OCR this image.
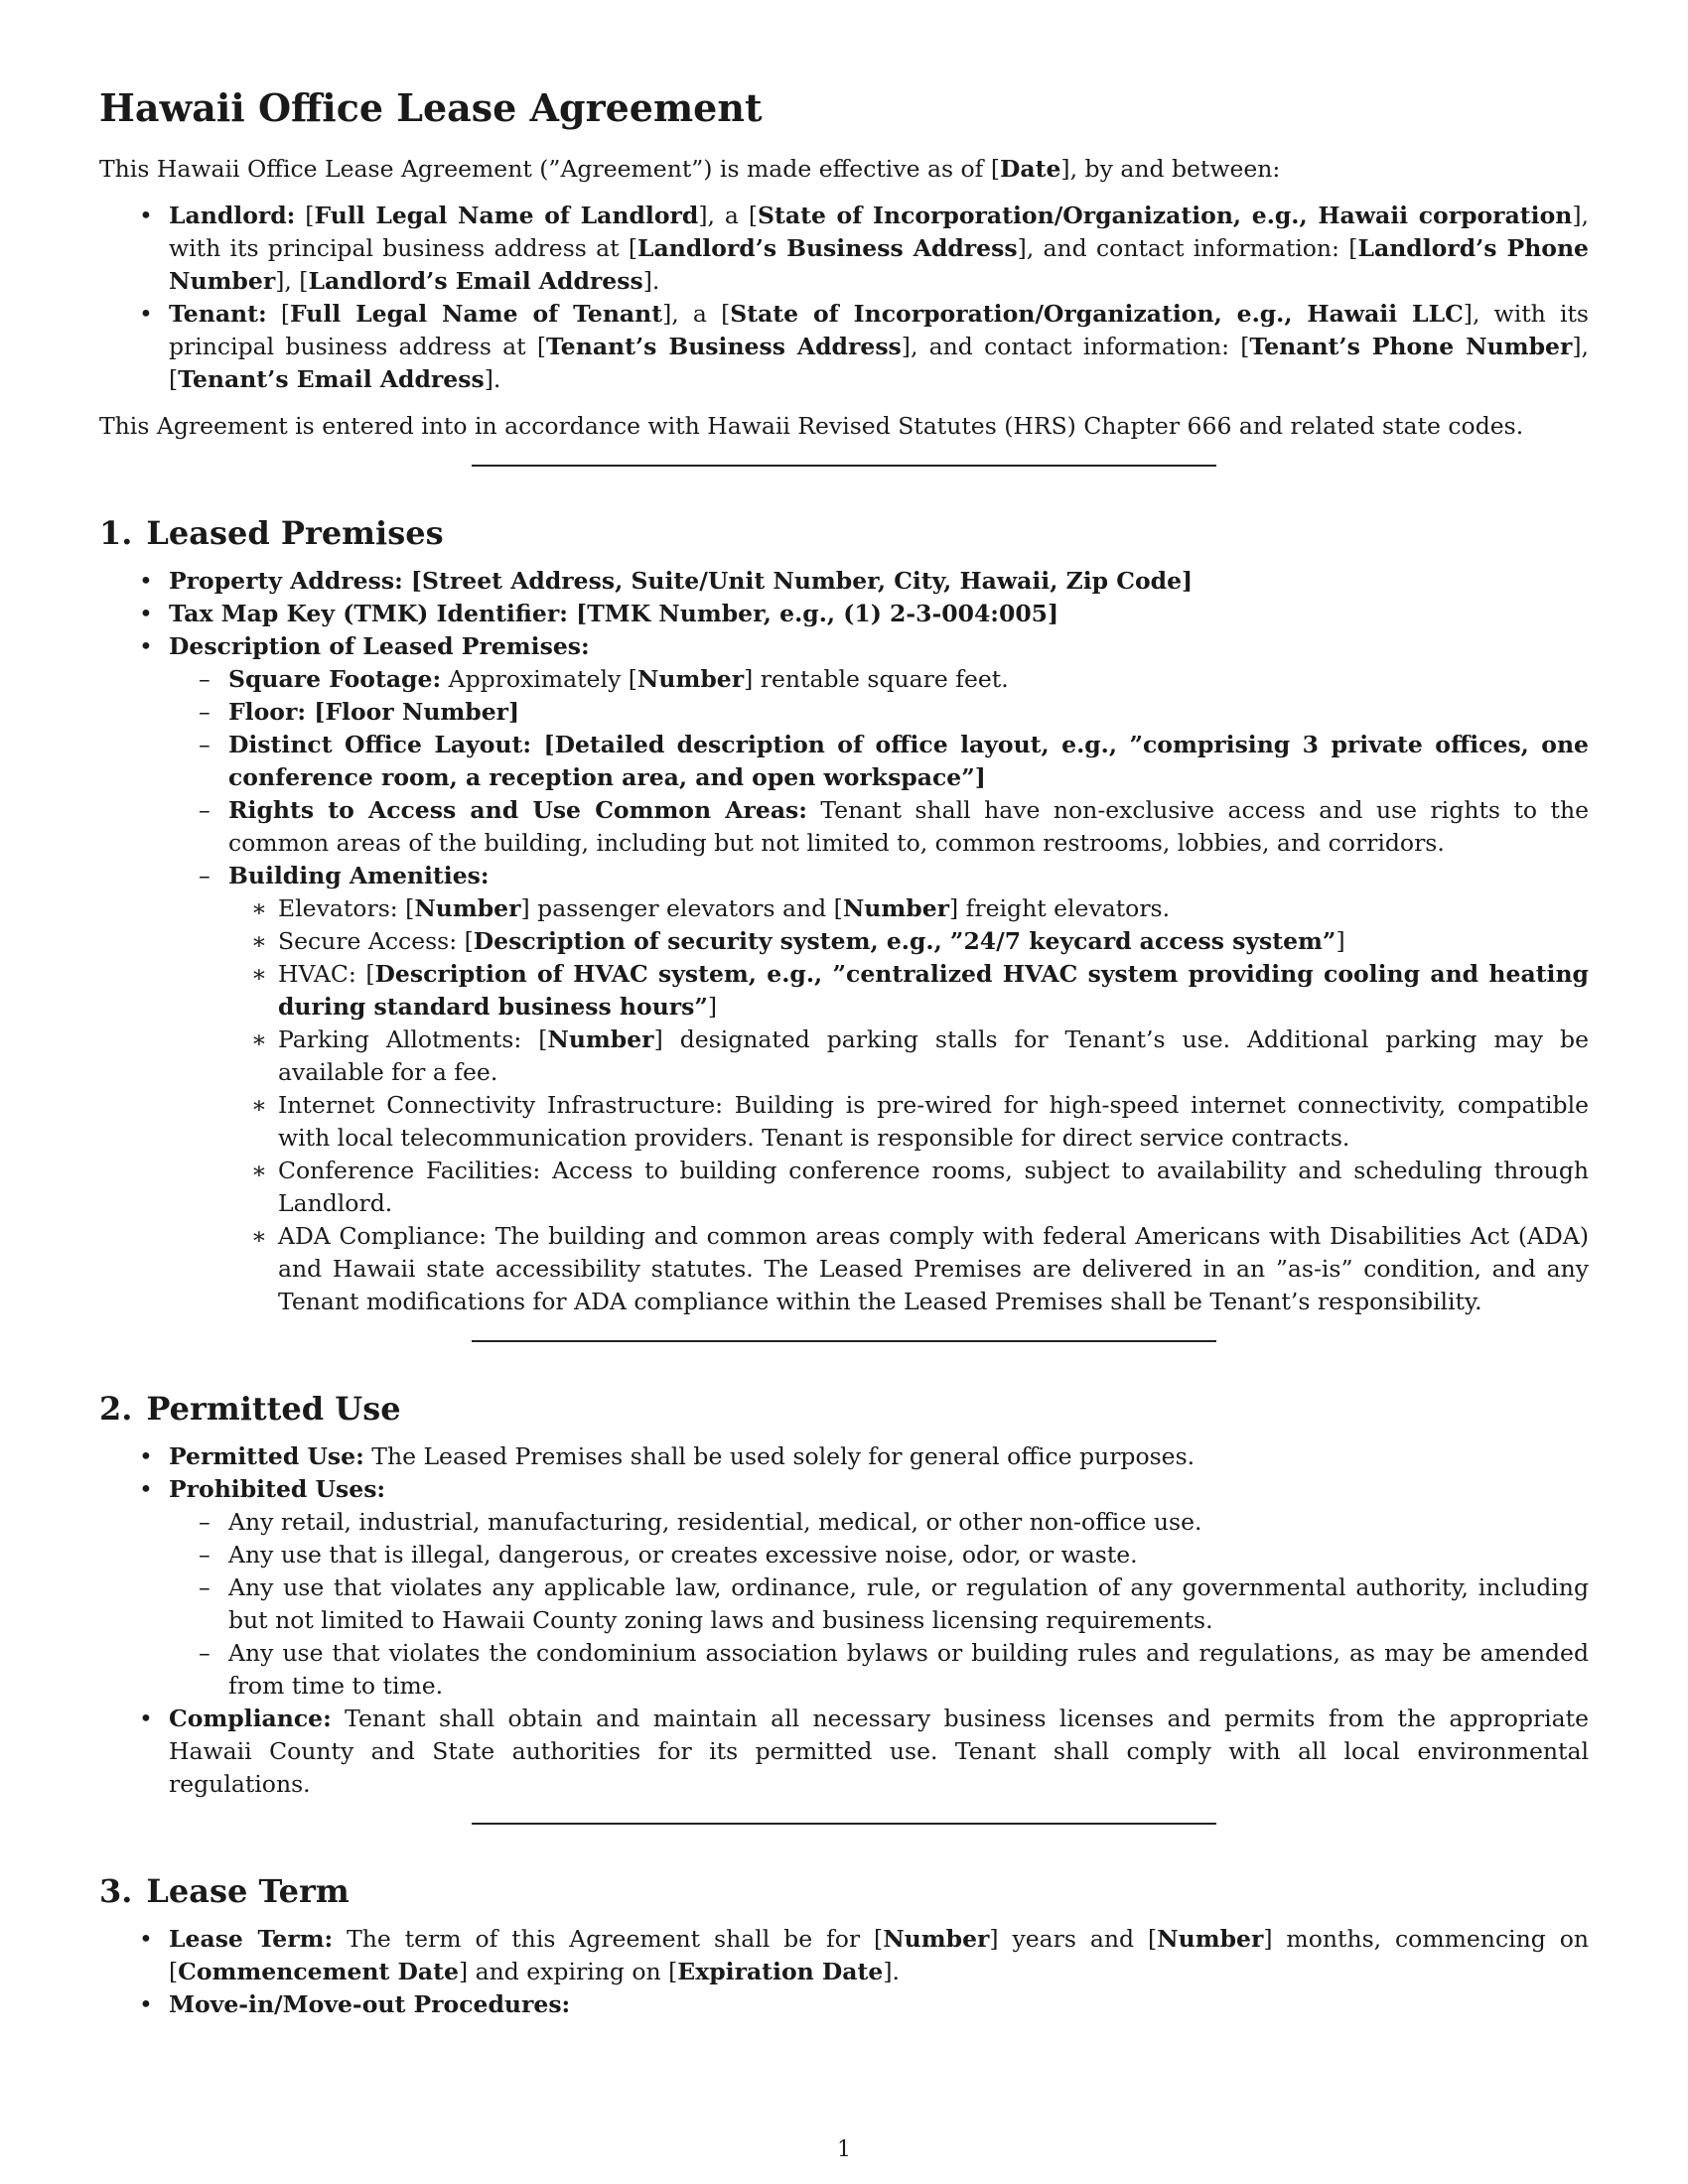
Hawaii Office Lease Agreement

This Hawaii Office Lease Agreement (”Agreement”) is made effective as of [Date], by and between:

• Landlord: [Full Legal Name of Landlord], a [State of Incorporation/Organization, e.g., Hawaii corporation], with its principal business address at [Landlord’s Business Address], and contact information: [Landlord’s Phone Number], [Landlord’s Email Address].
• Tenant: [Full Legal Name of Tenant], a [State of Incorporation/Organization, e.g., Hawaii LLC], with its principal business address at [Tenant’s Business Address], and contact information: [Tenant’s Phone Number], [Tenant’s Email Address].

This Agreement is entered into in accordance with Hawaii Revised Statutes (HRS) Chapter 666 and related state codes.

1. Leased Premises
• Property Address: [Street Address, Suite/Unit Number, City, Hawaii, Zip Code]
• Tax Map Key (TMK) Identifier: [TMK Number, e.g., (1) 2-3-004:005]
• Description of Leased Premises:
– Square Footage: Approximately [Number] rentable square feet.
– Floor: [Floor Number]
– Distinct Office Layout: [Detailed description of office layout, e.g., ”comprising 3 private offices, one conference room, a reception area, and open workspace”]
– Rights to Access and Use Common Areas: Tenant shall have non-exclusive access and use rights to the common areas of the building, including but not limited to, common restrooms, lobbies, and corridors.
– Building Amenities:
∗ Elevators: [Number] passenger elevators and [Number] freight elevators.
∗ Secure Access: [Description of security system, e.g., ”24/7 keycard access system”]
∗ HVAC: [Description of HVAC system, e.g., ”centralized HVAC system providing cooling and heating during standard business hours”]
∗ Parking Allotments: [Number] designated parking stalls for Tenant’s use. Additional parking may be available for a fee.
∗ Internet Connectivity Infrastructure: Building is pre-wired for high-speed internet connectivity, compatible with local telecommunication providers. Tenant is responsible for direct service contracts.
∗ Conference Facilities: Access to building conference rooms, subject to availability and scheduling through Landlord.
∗ ADA Compliance: The building and common areas comply with federal Americans with Disabilities Act (ADA) and Hawaii state accessibility statutes. The Leased Premises are delivered in an ”as-is” condition, and any Tenant modifications for ADA compliance within the Leased Premises shall be Tenant’s responsibility.
2. Permitted Use
• Permitted Use: The Leased Premises shall be used solely for general office purposes.
• Prohibited Uses:
– Any retail, industrial, manufacturing, residential, medical, or other non-office use.
– Any use that is illegal, dangerous, or creates excessive noise, odor, or waste.
– Any use that violates any applicable law, ordinance, rule, or regulation of any governmental authority, including but not limited to Hawaii County zoning laws and business licensing requirements.
– Any use that violates the condominium association bylaws or building rules and regulations, as may be amended from time to time.
• Compliance: Tenant shall obtain and maintain all necessary business licenses and permits from the appropriate Hawaii County and State authorities for its permitted use. Tenant shall comply with all local environmental regulations.
3. Lease Term
• Lease Term: The term of this Agreement shall be for [Number] years and [Number] months, commencing on [Commencement Date] and expiring on [Expiration Date].
• Move-in/Move-out Procedures:
1
